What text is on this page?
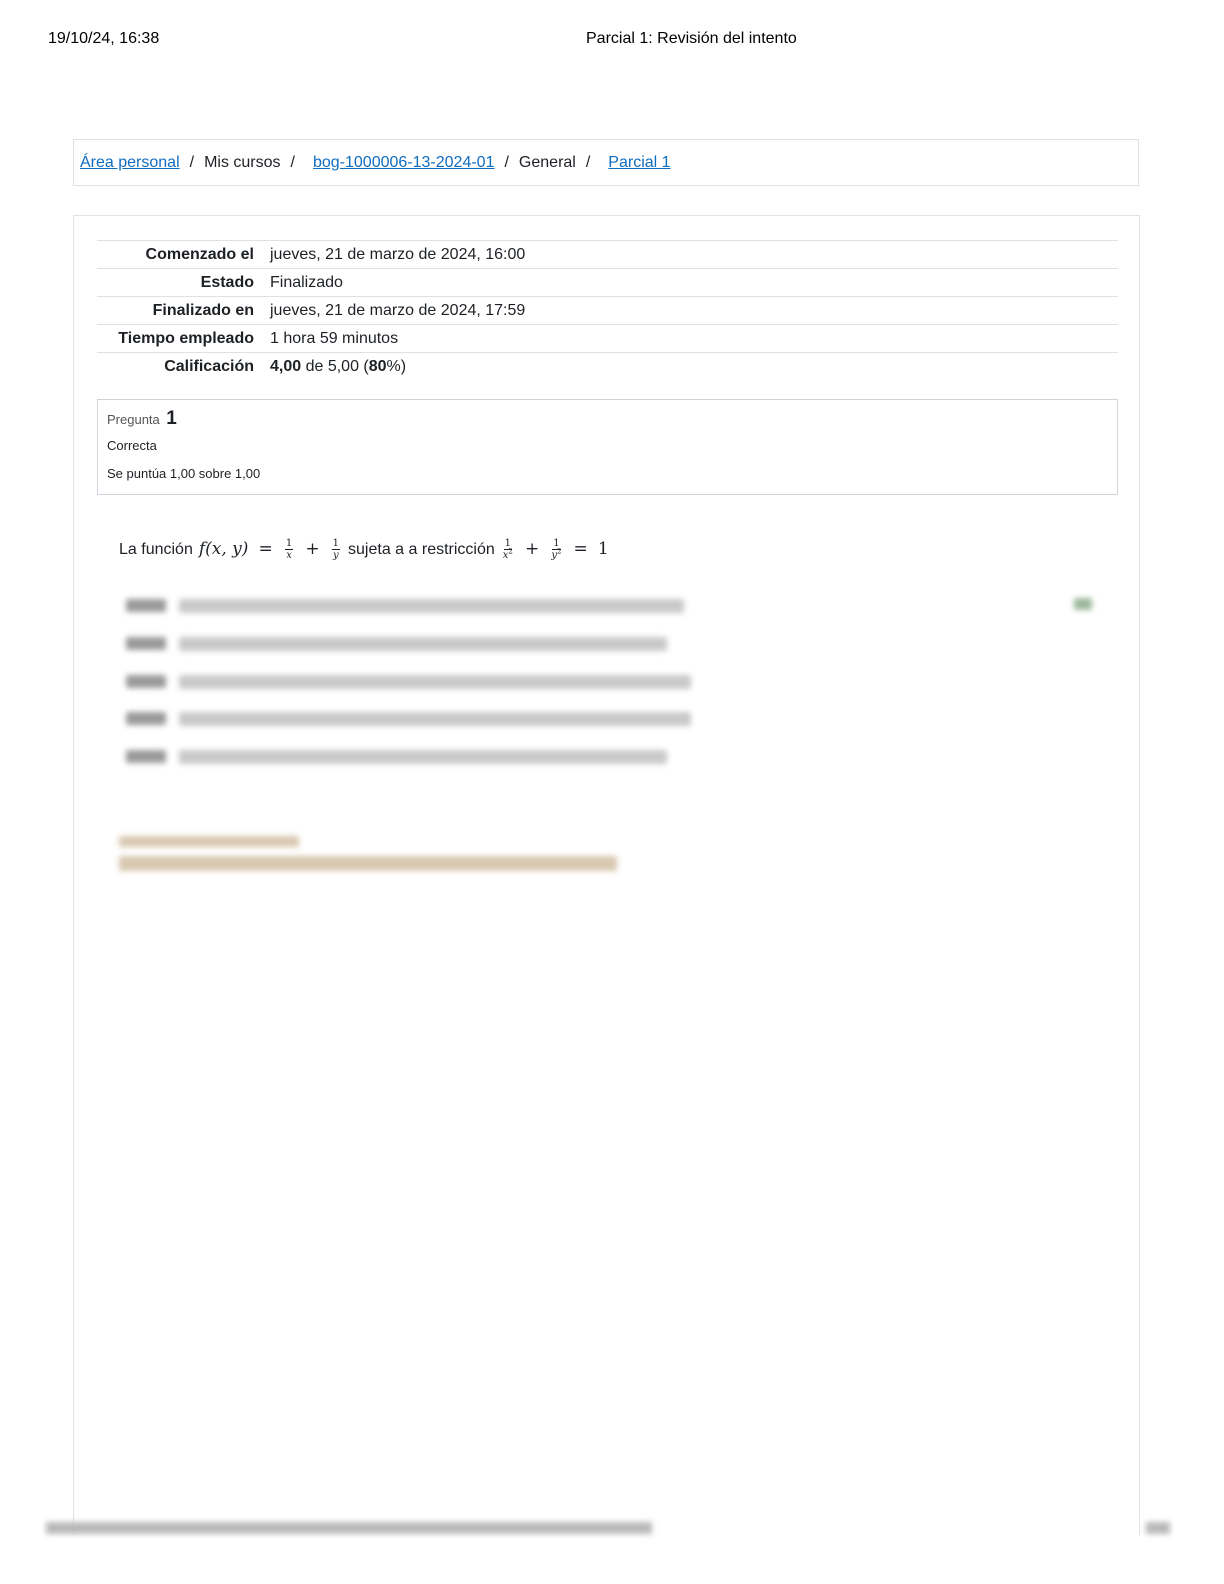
19/10/24, 16:38	Parcial 1: Revisión del intento
Área personal / Mis cursos / bog-1000006-13-2024-01 / General / Parcial 1
Comenzado el	jueves, 21 de marzo de 2024, 16:00
Estado	Finalizado
Finalizado en	jueves, 21 de marzo de 2024, 17:59
Tiempo empleado	1 hora 59 minutos
Calificación	4,00 de 5,00 (80%)
Pregunta 1
Correcta
Se puntúa 1,00 sobre 1,00
La función f(x, $y) = \frac{1}{x} + \frac{1}{y}$ sujeta a a restricción $\frac{1}{x^2} + \frac{1}{y^2} = 1$
